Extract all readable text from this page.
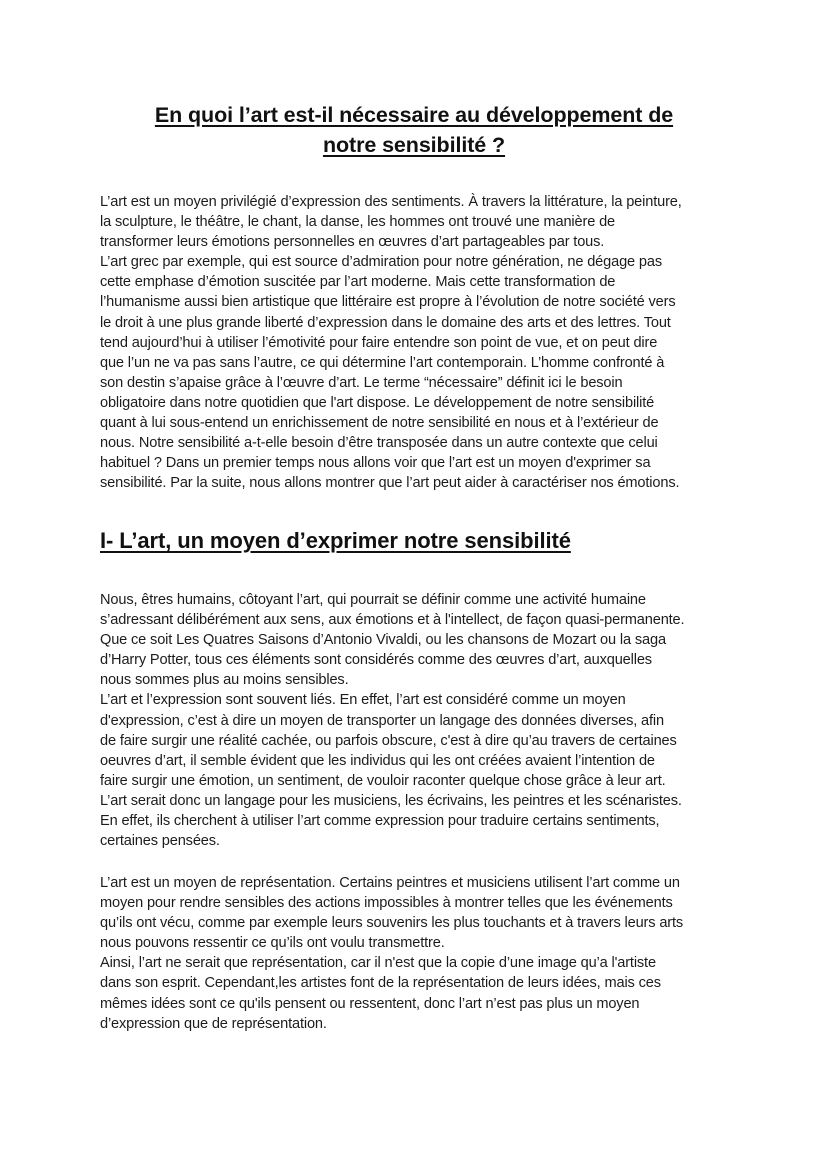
En quoi l’art est-il nécessaire au développement de
notre sensibilité ?
L’art est un moyen privilégié d’expression des sentiments. À travers la littérature, la peinture,
la sculpture, le théâtre, le chant, la danse, les hommes ont trouvé une manière de
transformer leurs émotions personnelles en œuvres d’art partageables par tous.
L’art grec par exemple, qui est source d’admiration pour notre génération, ne dégage pas
cette emphase d’émotion suscitée par l’art moderne. Mais cette transformation de
l’humanisme aussi bien artistique que littéraire est propre à l’évolution de notre société vers
le droit à une plus grande liberté d’expression dans le domaine des arts et des lettres. Tout
tend aujourd’hui à utiliser l’émotivité pour faire entendre son point de vue, et on peut dire
que l’un ne va pas sans l’autre, ce qui détermine l’art contemporain. L’homme confronté à
son destin s’apaise grâce à l’œuvre d’art. Le terme “nécessaire” définit ici le besoin
obligatoire dans notre quotidien que l'art dispose. Le développement de notre sensibilité
quant à lui sous-entend un enrichissement de notre sensibilité en nous et à l’extérieur de
nous. Notre sensibilité a-t-elle besoin d’être transposée dans un autre contexte que celui
habituel ? Dans un premier temps nous allons voir que l’art est un moyen d'exprimer sa
sensibilité. Par la suite, nous allons montrer que l’art peut aider à caractériser nos émotions.
I- L’art, un moyen d’exprimer notre sensibilité
Nous, êtres humains, côtoyant l’art, qui pourrait se définir comme une activité humaine
s’adressant délibérément aux sens, aux émotions et à l'intellect, de façon quasi-permanente.
Que ce soit Les Quatres Saisons d’Antonio Vivaldi, ou les chansons de Mozart ou la saga
d’Harry Potter, tous ces éléments sont considérés comme des œuvres d’art, auxquelles
nous sommes plus au moins sensibles.
L’art et l’expression sont souvent liés. En effet, l’art est considéré comme un moyen
d'expression, c’est à dire un moyen de transporter un langage des données diverses, afin
de faire surgir une réalité cachée, ou parfois obscure, c'est à dire qu’au travers de certaines
oeuvres d’art, il semble évident que les individus qui les ont créées avaient l’intention de
faire surgir une émotion, un sentiment, de vouloir raconter quelque chose grâce à leur art.
L’art serait donc un langage pour les musiciens, les écrivains, les peintres et les scénaristes.
En effet, ils cherchent à utiliser l’art comme expression pour traduire certains sentiments,
certaines pensées.
L’art est un moyen de représentation. Certains peintres et musiciens utilisent l’art comme un
moyen pour rendre sensibles des actions impossibles à montrer telles que les événements
qu’ils ont vécu, comme par exemple leurs souvenirs les plus touchants et à travers leurs arts
nous pouvons ressentir ce qu’ils ont voulu transmettre.
Ainsi, l’art ne serait que représentation, car il n'est que la copie d’une image qu’a l'artiste
dans son esprit. Cependant,les artistes font de la représentation de leurs idées, mais ces
mêmes idées sont ce qu'ils pensent ou ressentent, donc l’art n’est pas plus un moyen
d’expression que de représentation.
